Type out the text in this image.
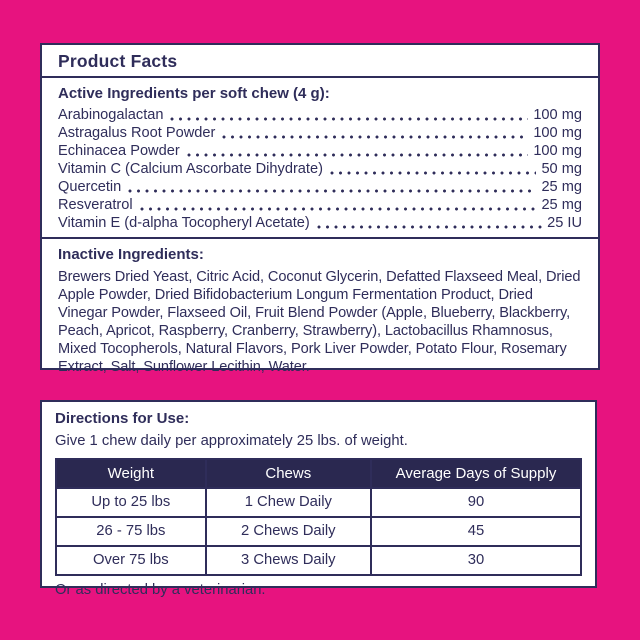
Product Facts
Active Ingredients per soft chew (4 g):
Arabinogalactan	100 mg
Astragalus Root Powder	100 mg
Echinacea Powder	100 mg
Vitamin C (Calcium Ascorbate Dihydrate)	50 mg
Quercetin	25 mg
Resveratrol	25 mg
Vitamin E (d-alpha Tocopheryl Acetate)	25 IU
Inactive Ingredients:
Brewers Dried Yeast, Citric Acid, Coconut Glycerin, Defatted Flaxseed Meal, Dried Apple Powder, Dried Bifidobacterium Longum Fermentation Product, Dried Vinegar Powder, Flaxseed Oil, Fruit Blend Powder (Apple, Blueberry, Blackberry, Peach, Apricot, Raspberry, Cranberry, Strawberry), Lactobacillus Rhamnosus, Mixed Tocopherols, Natural Flavors, Pork Liver Powder, Potato Flour, Rosemary Extract, Salt, Sunflower Lecithin, Water.
Directions for Use:
Give 1 chew daily per approximately 25 lbs. of weight.
Weight	Chews	Average Days of Supply
Up to 25 lbs	1 Chew Daily	90
26 - 75 lbs	2 Chews Daily	45
Over 75 lbs	3 Chews Daily	30
Or as directed by a veterinarian.
